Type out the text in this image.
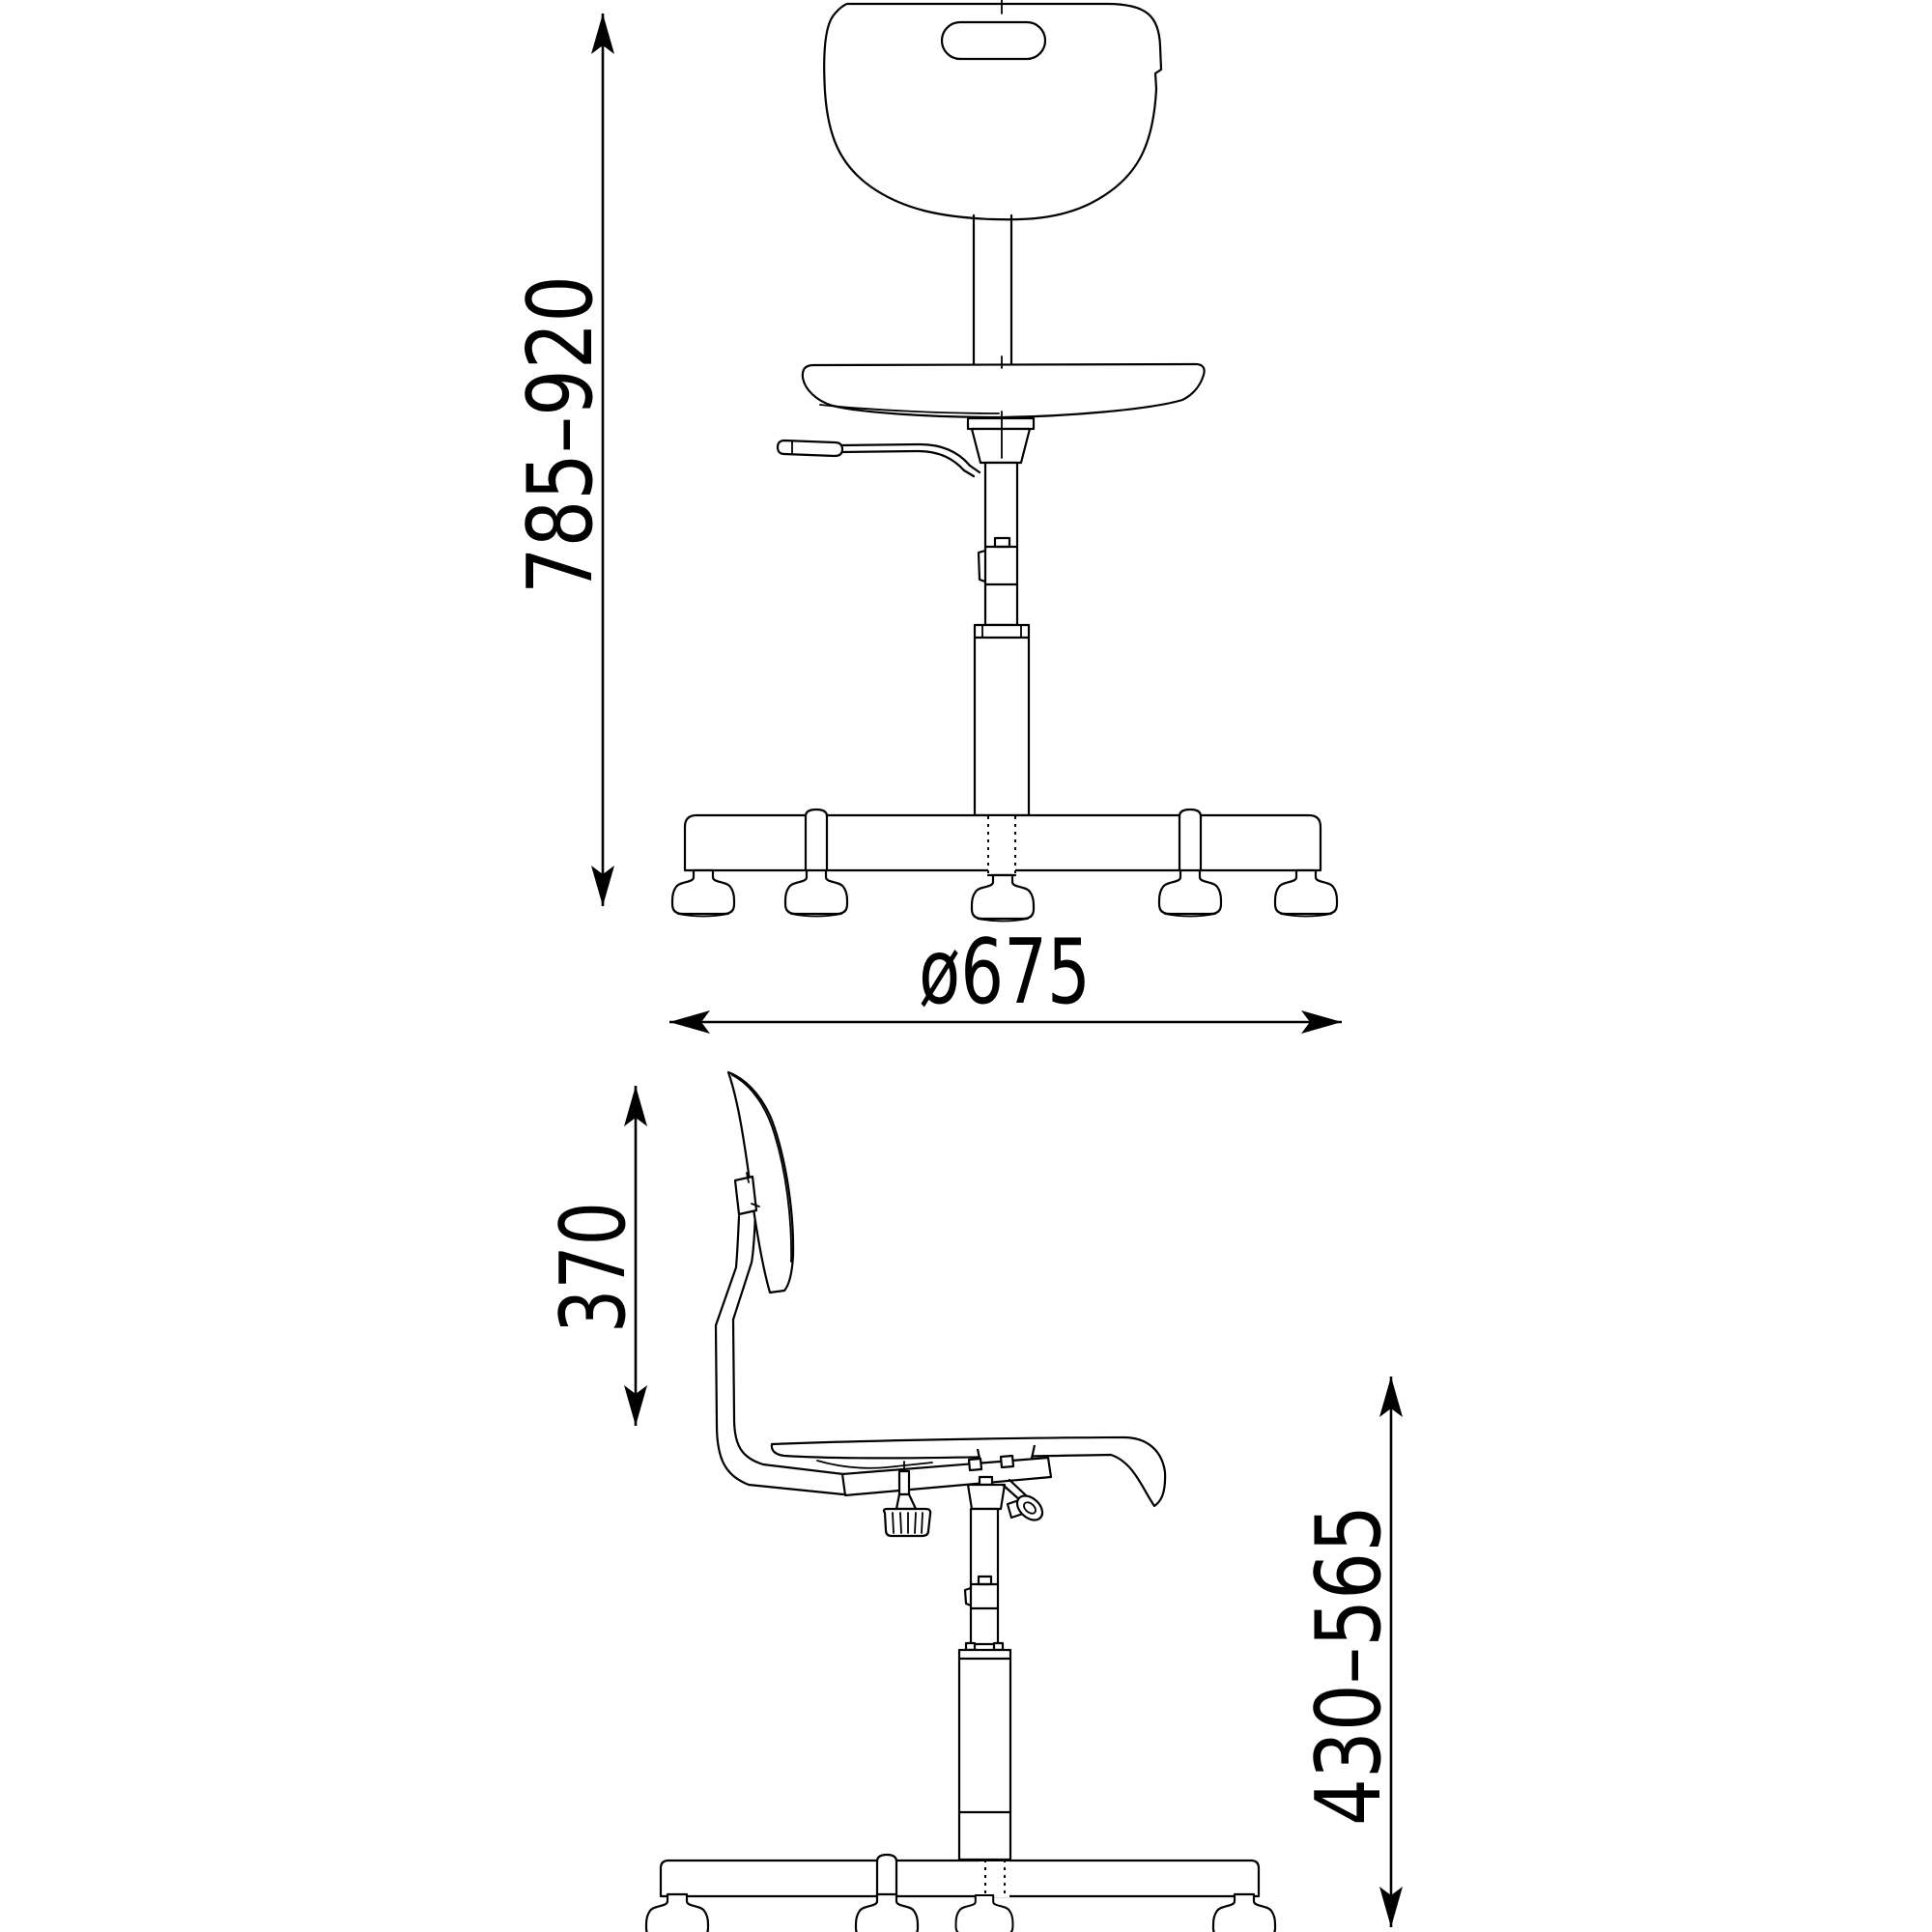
785–920
ø675
370
430–565
